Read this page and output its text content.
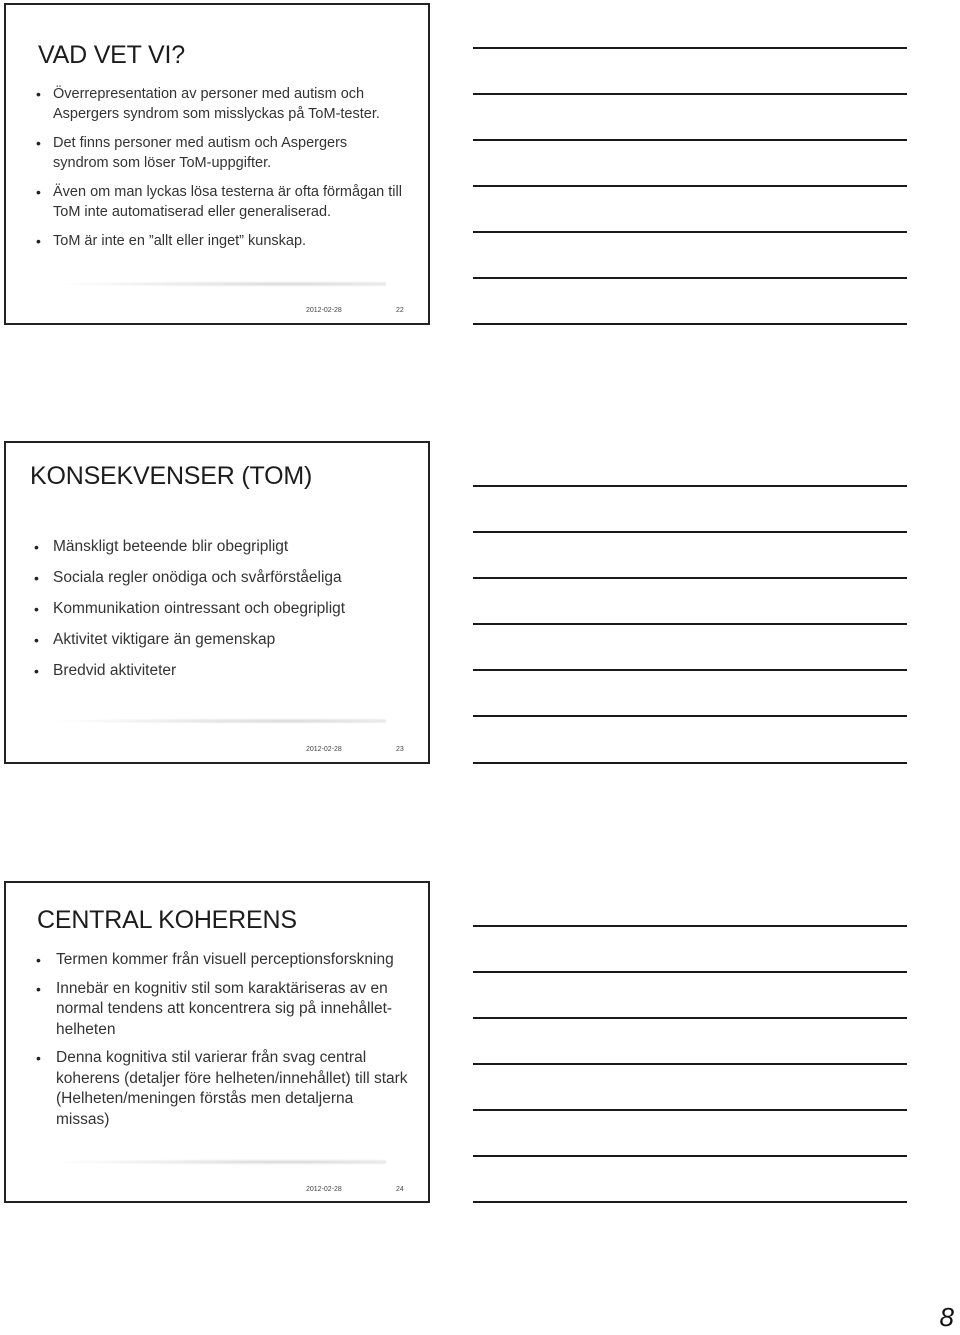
VAD VET VI?
• Överrepresentation av personer med autism och Aspergers syndrom som misslyckas på ToM-tester.
• Det finns personer med autism och Aspergers syndrom som löser ToM-uppgifter.
• Även om man lyckas lösa testerna är ofta förmågan till ToM inte automatiserad eller generaliserad.
• ToM är inte en ”allt eller inget” kunskap.
2012-02-28	22
KONSEKVENSER (TOM)
• Mänskligt beteende blir obegripligt
• Sociala regler onödiga och svårförståeliga
• Kommunikation ointressant och obegripligt
• Aktivitet viktigare än gemenskap
• Bredvid aktiviteter
2012-02-28	23
CENTRAL KOHERENS
• Termen kommer från visuell perceptionsforskning
• Innebär en kognitiv stil som karaktäriseras av en normal tendens att koncentrera sig på innehållet-helheten
• Denna kognitiva stil varierar från svag central koherens (detaljer före helheten/innehållet) till stark (Helheten/meningen förstås men detaljerna missas)
2012-02-28	24
8
